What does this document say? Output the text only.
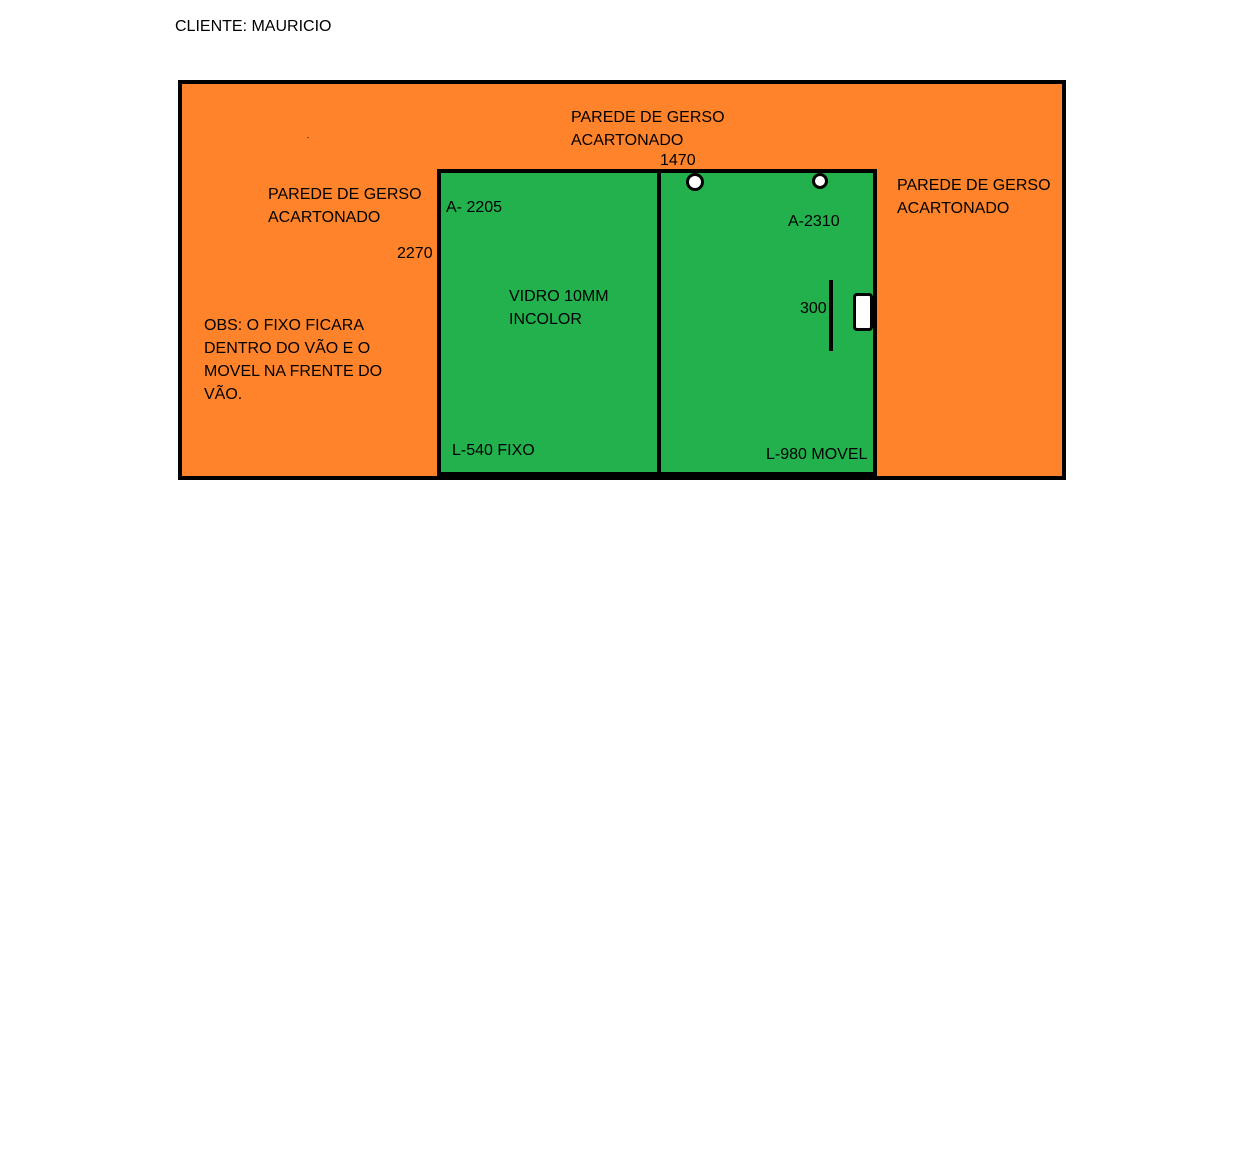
CLIENTE: MAURICIO
PAREDE DE GERSO
ACARTONADO
PAREDE DE GERSO
ACARTONADO
PAREDE DE GERSO
ACARTONADO
1470
2270
A- 2205
A-2310
300
L-540 FIXO	L-980 MOVEL
VIDRO 10MM
INCOLOR
OBS: O FIXO FICARA
DENTRO DO VÃO E O
MOVEL NA FRENTE DO
VÃO.
